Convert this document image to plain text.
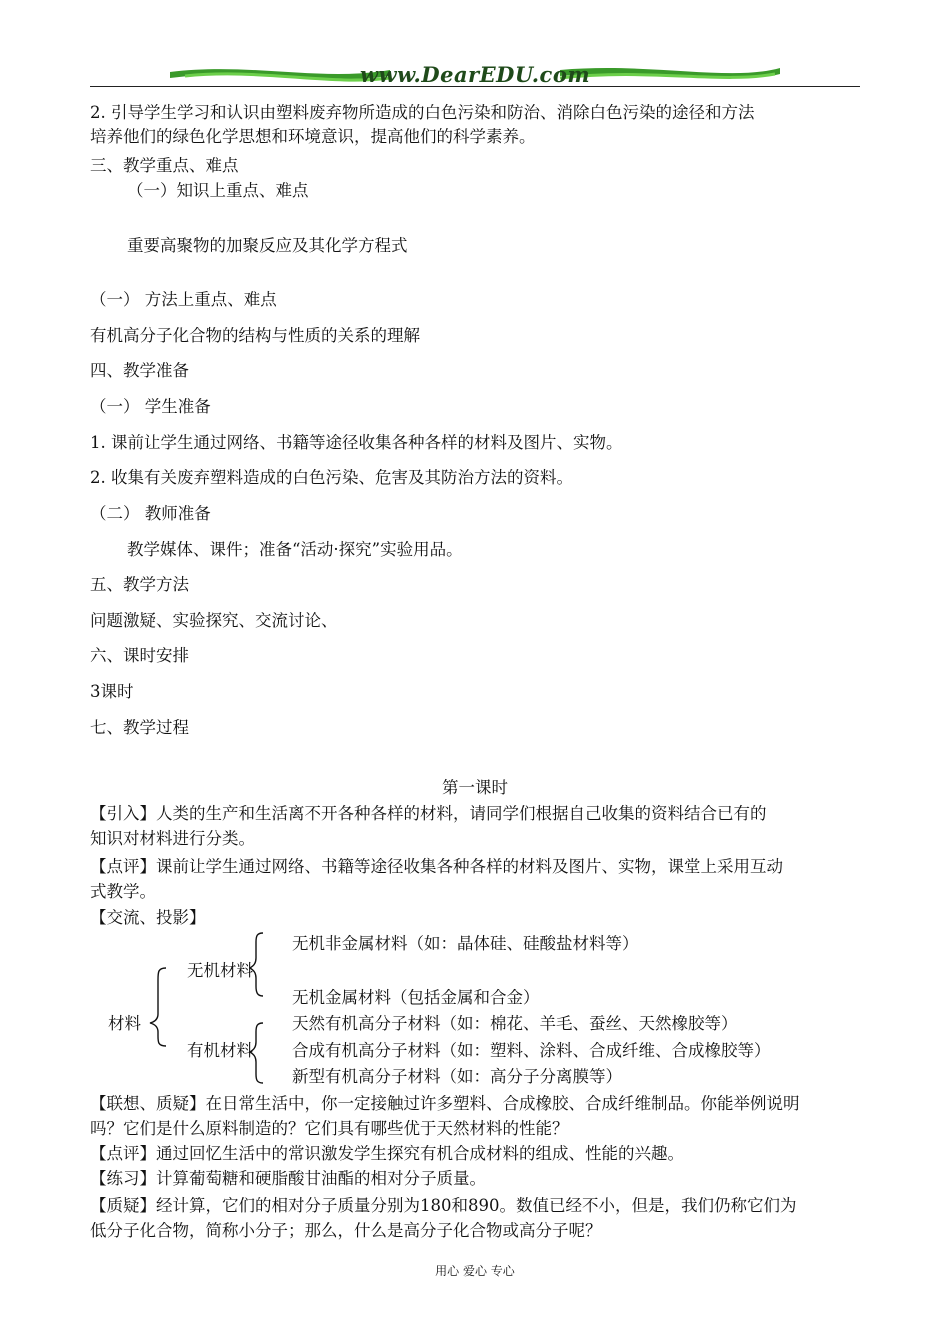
www.DearEDU.com
2. 引导学生学习和认识由塑料废弃物所造成的白色污染和防治、消除白色污染的途径和方法
培养他们的绿色化学思想和环境意识，提高他们的科学素养。
三、教学重点、难点
（一）知识上重点、难点
重要高聚物的加聚反应及其化学方程式
（一） 方法上重点、难点
有机高分子化合物的结构与性质的关系的理解
四、教学准备
（一） 学生准备
1. 课前让学生通过网络、书籍等途径收集各种各样的材料及图片、实物。
2. 收集有关废弃塑料造成的白色污染、危害及其防治方法的资料。
（二） 教师准备
教学媒体、课件；准备“活动·探究”实验用品。
五、教学方法
问题激疑、实验探究、交流讨论、
六、课时安排
3课时
七、教学过程
第一课时
【引入】人类的生产和生活离不开各种各样的材料，请同学们根据自己收集的资料结合已有的
知识对材料进行分类。
【点评】课前让学生通过网络、书籍等途径收集各种各样的材料及图片、实物，课堂上采用互动
式教学。
【交流、投影】
材料
无机材料
有机材料
无机非金属材料（如：晶体硅、硅酸盐材料等）
无机金属材料（包括金属和合金）
天然有机高分子材料（如：棉花、羊毛、蚕丝、天然橡胶等）
合成有机高分子材料（如：塑料、涂料、合成纤维、合成橡胶等）
新型有机高分子材料（如：高分子分离膜等）
【联想、质疑】在日常生活中，你一定接触过许多塑料、合成橡胶、合成纤维制品。你能举例说明
吗？它们是什么原料制造的？它们具有哪些优于天然材料的性能？
【点评】通过回忆生活中的常识激发学生探究有机合成材料的组成、性能的兴趣。
【练习】计算葡萄糖和硬脂酸甘油酯的相对分子质量。
【质疑】经计算，它们的相对分子质量分别为180和890。数值已经不小，但是，我们仍称它们为
低分子化合物，简称小分子；那么，什么是高分子化合物或高分子呢？
用心 爱心 专心
